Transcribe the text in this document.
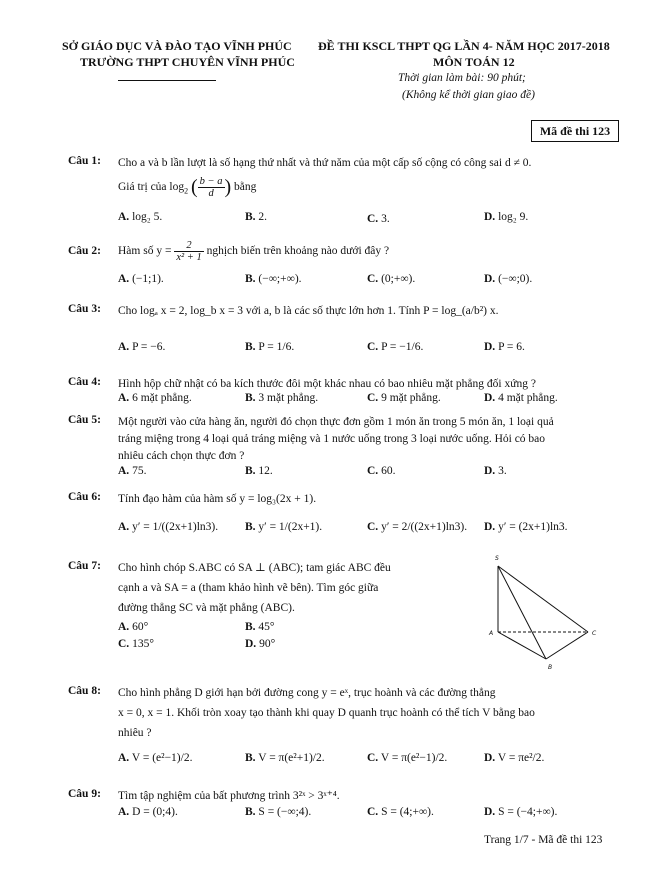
SỞ GIÁO DỤC VÀ ĐÀO TẠO VĨNH PHÚC
TRƯỜNG THPT CHUYÊN VĨNH PHÚC
ĐỀ THI KSCL THPT QG LẦN 4- NĂM HỌC 2017-2018
MÔN TOÁN 12
Thời gian làm bài: 90 phút;
(Không kể thời gian giao đề)
Mã đề thi 123
Câu 1: Cho a và b lần lượt là số hạng thứ nhất và thứ năm của một cấp số cộng có công sai d ≠ 0.
Giá trị của $\log_2$ ( $\frac{b - a}{d}$ ) bằng
A. log₂ 5.	B. 2.	C. 3.	D. log₂ 9.
Câu 2: Hàm số $y = \frac{2}{\text{x² + 1}}$ nghịch biến trên khoảng nào dưới đây ?
A. (−1;1).	B. (−∞;+∞).	C. (0;+∞).	D. (−∞;0).
Câu 3: Cho logₐ x = 2, log_b x = 3 với a, b là các số thực lớn hơn 1. Tính P = log_(a/b²) x.
A. P = −6.	B. P = 1/6.	C. P = −1/6.	D. P = 6.
Câu 4: Hình hộp chữ nhật có ba kích thước đôi một khác nhau có bao nhiêu mặt phẳng đối xứng ?
A. 6 mặt phẳng.	B. 3 mặt phẳng.	C. 9 mặt phẳng.	D. 4 mặt phẳng.
Câu 5: Một người vào cửa hàng ăn, người đó chọn thực đơn gồm 1 món ăn trong 5 món ăn, 1 loại quả
tráng miệng trong 4 loại quả tráng miệng và 1 nước uống trong 3 loại nước uống. Hỏi có bao
nhiêu cách chọn thực đơn ?
A. 75.	B. 12.	C. 60.	D. 3.
Câu 6: Tính đạo hàm của hàm số y = log₃(2x + 1).
A. y′ = 1/((2x+1)ln3). B. y′ = 1/(2x+1).	C. y′ = 2/((2x+1)ln3). D. y′ = (2x+1)ln3.
Câu 7: Cho hình chóp S.ABC có SA ⊥ (ABC); tam giác ABC đều
cạnh a và SA = a (tham khảo hình vẽ bên). Tìm góc giữa
đường thẳng SC và mặt phẳng (ABC).
A. 60°	B. 45°
C. 135°	D. 90°
S
A
B
C
Câu 8: Cho hình phẳng D giới hạn bởi đường cong y = eˣ, trục hoành và các đường thẳng
x = 0, x = 1. Khối tròn xoay tạo thành khi quay D quanh trục hoành có thể tích V bằng bao
nhiêu ?
A. V = (e²−1)/2.	B. V = π(e²+1)/2.	C. V = π(e²−1)/2.	D. V = πe²/2.
Câu 9: Tìm tập nghiệm của bất phương trình 3²ˣ > 3ˣ⁺⁴.
A. D = (0;4).	B. S = (−∞;4).	C. S = (4;+∞).	D. S = (−4;+∞).
Trang 1/7 - Mã đề thi 123
